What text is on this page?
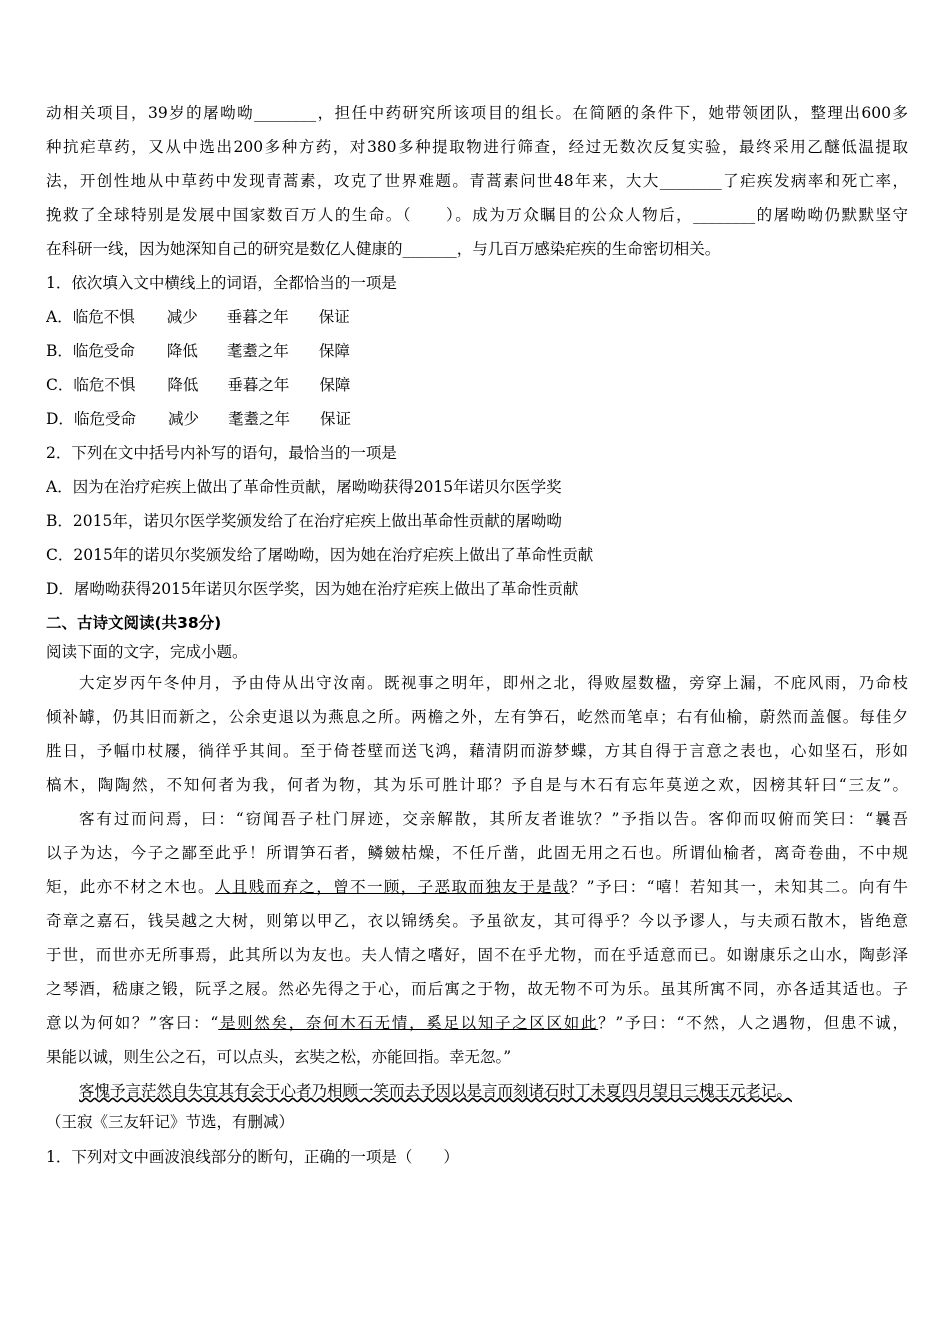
动相关项目，39岁的屠呦呦________，担任中药研究所该项目的组长。在简陋的条件下，她带领团队，整理出600多
种抗疟草药，又从中选出200多种方药，对380多种提取物进行筛查，经过无数次反复实验，最终采用乙醚低温提取
法，开创性地从中草药中发现青蒿素，攻克了世界难题。青蒿素问世48年来，大大________了疟疾发病率和死亡率，
挽救了全球特别是发展中国家数百万人的生命。（　　）。成为万众瞩目的公众人物后，________的屠呦呦仍默默坚守
在科研一线，因为她深知自己的研究是数亿人健康的_______，与几百万感染疟疾的生命密切相关。
1．依次填入文中横线上的词语，全都恰当的一项是
A．临危不惧 减少 垂暮之年 保证
B．临危受命 降低 耄耋之年 保障
C．临危不惧 降低 垂暮之年 保障
D．临危受命 减少 耄耋之年 保证
2．下列在文中括号内补写的语句，最恰当的一项是
A．因为在治疗疟疾上做出了革命性贡献，屠呦呦获得2015年诺贝尔医学奖
B．2015年，诺贝尔医学奖颁发给了在治疗疟疾上做出革命性贡献的屠呦呦
C．2015年的诺贝尔奖颁发给了屠呦呦，因为她在治疗疟疾上做出了革命性贡献
D．屠呦呦获得2015年诺贝尔医学奖，因为她在治疗疟疾上做出了革命性贡献
二、古诗文阅读(共38分)
阅读下面的文字，完成小题。
大定岁丙午冬仲月，予由侍从出守汝南。既视事之明年，即州之北，得败屋数楹，旁穿上漏，不庇风雨，乃命枝
倾补罅，仍其旧而新之，公余吏退以为燕息之所。两檐之外，左有笋石，屹然而笔卓；右有仙榆，蔚然而盖偃。每佳夕
胜日，予幅巾杖屦，徜徉乎其间。至于倚苍壁而送飞鸿，藉清阴而游梦蝶，方其自得于言意之表也，心如坚石，形如
槁木，陶陶然，不知何者为我，何者为物，其为乐可胜计耶？予自是与木石有忘年莫逆之欢，因榜其轩曰“三友”。
客有过而问焉，曰：“窃闻吾子杜门屏迹，交亲解散，其所友者谁欤？”予指以告。客仰而叹俯而笑曰：“曩吾
以子为达，今子之鄙至此乎！所谓笋石者，鳞皴枯燥，不任斤凿，此固无用之石也。所谓仙榆者，离奇卷曲，不中规
矩，此亦不材之木也。人且贱而弃之，曾不一顾，子恶取而独友于是哉？”予曰：“嘻！若知其一，未知其二。向有牛
奇章之嘉石，钱吴越之大树，则第以甲乙，衣以锦绣矣。予虽欲友，其可得乎？今以予谬人，与夫顽石散木，皆绝意
于世，而世亦无所事焉，此其所以为友也。夫人情之嗜好，固不在乎尤物，而在乎适意而已。如谢康乐之山水，陶彭泽
之琴酒，嵇康之锻，阮孚之屐。然必先得之于心，而后寓之于物，故无物不可为乐。虽其所寓不同，亦各适其适也。子
意以为何如？”客曰：“是则然矣，奈何木石无情，奚足以知子之区区如此？”予曰：“不然，人之遇物，但患不诚，
果能以诚，则生公之石，可以点头，玄奘之松，亦能回指。幸无忽。”
客愧予言茫然自失宜其有会于心者乃相顾一笑而去予因以是言而刻诸石时丁未夏四月望日三槐王元老记。
（王寂《三友轩记》节选，有删减）
1．下列对文中画波浪线部分的断句，正确的一项是（　　）
